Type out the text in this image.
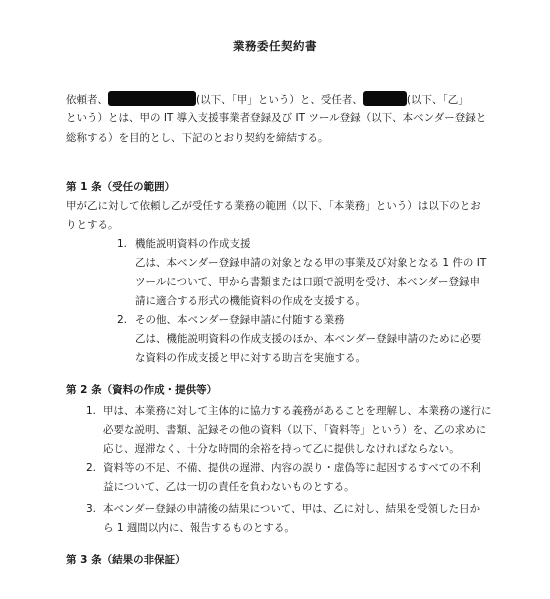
業務委任契約書
依頼者、	(以下、「甲」という）と、受任者、	(以下、「乙」
という）とは、甲の IT 導入支援事業者登録及び IT ツール登録（以下、本ベンダー登録と
総称する）を目的とし、下記のとおり契約を締結する。
第 1 条（受任の範囲）
甲が乙に対して依頼し乙が受任する業務の範囲（以下、「本業務」という）は以下のとお
りとする。
1. 機能説明資料の作成支援
乙は、本ベンダー登録申請の対象となる甲の事業及び対象となる 1 件の IT
ツールについて、甲から書類または口頭で説明を受け、本ベンダー登録申
請に適合する形式の機能資料の作成を支援する。
2. その他、本ベンダー登録申請に付随する業務
乙は、機能説明資料の作成支援のほか、本ベンダー登録申請のために必要
な資料の作成支援と甲に対する助言を実施する。
第 2 条（資料の作成・提供等）
1. 甲は、本業務に対して主体的に協力する義務があることを理解し、本業務の遂行に
必要な説明、書類、記録その他の資料（以下、「資料等」という）を、乙の求めに
応じ、遅滞なく、十分な時間的余裕を持って乙に提供しなければならない。
2. 資料等の不足、不備、提供の遅滞、内容の誤り・虚偽等に起因するすべての不利
益について、乙は一切の責任を負わないものとする。
3. 本ベンダー登録の申請後の結果について、甲は、乙に対し、結果を受領した日か
ら 1 週間以内に、報告するものとする。
第 3 条（結果の非保証）
